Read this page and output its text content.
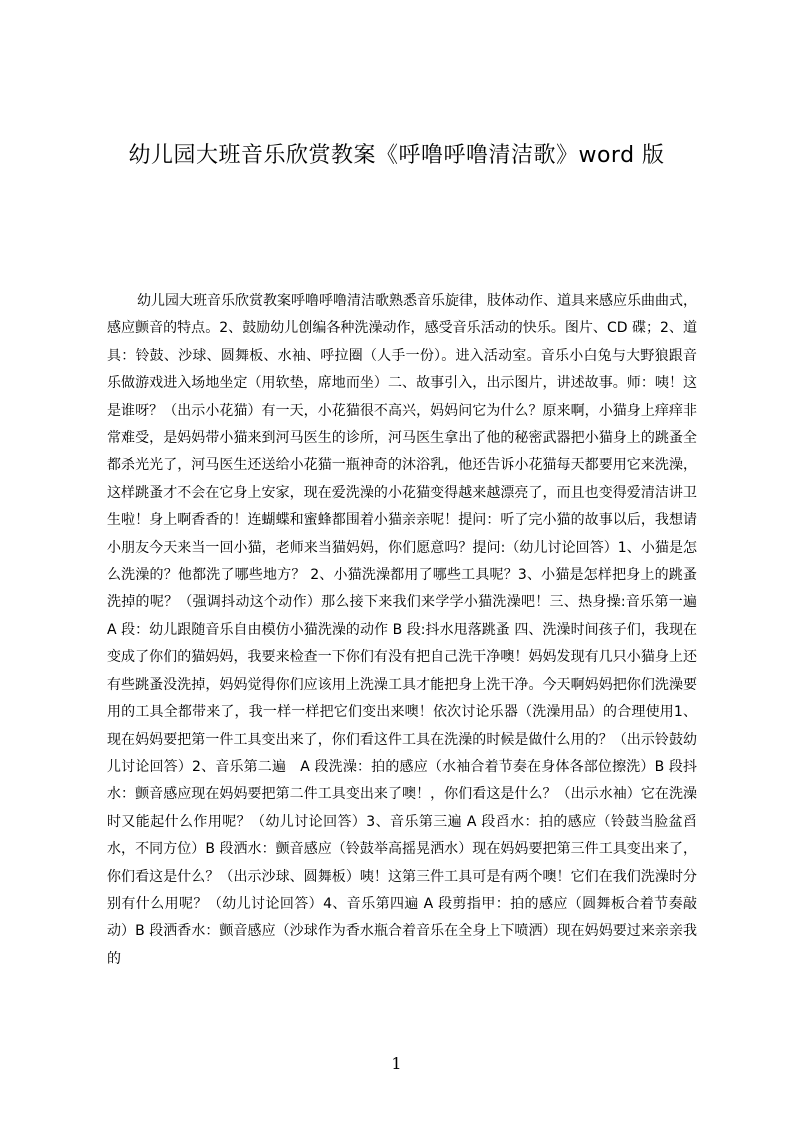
幼儿园大班音乐欣赏教案《呼噜呼噜清洁歌》word 版

幼儿园大班音乐欣赏教案呼噜呼噜清洁歌熟悉音乐旋律，肢体动作、道具来感应乐曲曲式，感应颤音的特点。2、鼓励幼儿创编各种洗澡动作，感受音乐活动的快乐。图片、CD 碟；2、道具：铃鼓、沙球、圆舞板、水袖、呼拉圈（人手一份）。进入活动室。音乐小白兔与大野狼跟音乐做游戏进入场地坐定（用软垫，席地而坐）二、故事引入，出示图片，讲述故事。师：咦！这是谁呀？（出示小花猫）有一天，小花猫很不高兴，妈妈问它为什么？原来啊，小猫身上痒痒非常难受，是妈妈带小猫来到河马医生的诊所，河马医生拿出了他的秘密武器把小猫身上的跳蚤全都杀光光了，河马医生还送给小花猫一瓶神奇的沐浴乳，他还告诉小花猫每天都要用它来洗澡，这样跳蚤才不会在它身上安家，现在爱洗澡的小花猫变得越来越漂亮了，而且也变得爱清洁讲卫生啦！身上啊香香的！连蝴蝶和蜜蜂都围着小猫亲亲呢！提问：听了完小猫的故事以后，我想请小朋友今天来当一回小猫，老师来当猫妈妈，你们愿意吗？提问:（幼儿讨论回答）1、小猫是怎么洗澡的？他都洗了哪些地方？ 2、小猫洗澡都用了哪些工具呢？3、小猫是怎样把身上的跳蚤洗掉的呢？（强调抖动这个动作）那么接下来我们来学学小猫洗澡吧！三、热身操:音乐第一遍　A 段：幼儿跟随音乐自由模仿小猫洗澡的动作 B 段:抖水甩落跳蚤 四、洗澡时间孩子们，我现在变成了你们的猫妈妈，我要来检查一下你们有没有把自己洗干净噢！妈妈发现有几只小猫身上还有些跳蚤没洗掉，妈妈觉得你们应该用上洗澡工具才能把身上洗干净。今天啊妈妈把你们洗澡要用的工具全都带来了，我一样一样把它们变出来噢！依次讨论乐器（洗澡用品）的合理使用1、现在妈妈要把第一件工具变出来了，你们看这件工具在洗澡的时候是做什么用的？（出示铃鼓幼儿讨论回答）2、音乐第二遍　A 段洗澡：拍的感应（水袖合着节奏在身体各部位擦洗）B 段抖水：颤音感应现在妈妈要把第二件工具变出来了噢！，你们看这是什么？（出示水袖）它在洗澡时又能起什么作用呢？（幼儿讨论回答）3、音乐第三遍 A 段舀水：拍的感应（铃鼓当脸盆舀水，不同方位）B 段洒水：颤音感应（铃鼓举高摇晃洒水）现在妈妈要把第三件工具变出来了，你们看这是什么？（出示沙球、圆舞板）咦！这第三件工具可是有两个噢！它们在我们洗澡时分别有什么用呢？（幼儿讨论回答）4、音乐第四遍 A 段剪指甲：拍的感应（圆舞板合着节奏敲动）B 段洒香水：颤音感应（沙球作为香水瓶合着音乐在全身上下喷洒）现在妈妈要过来亲亲我的

1
